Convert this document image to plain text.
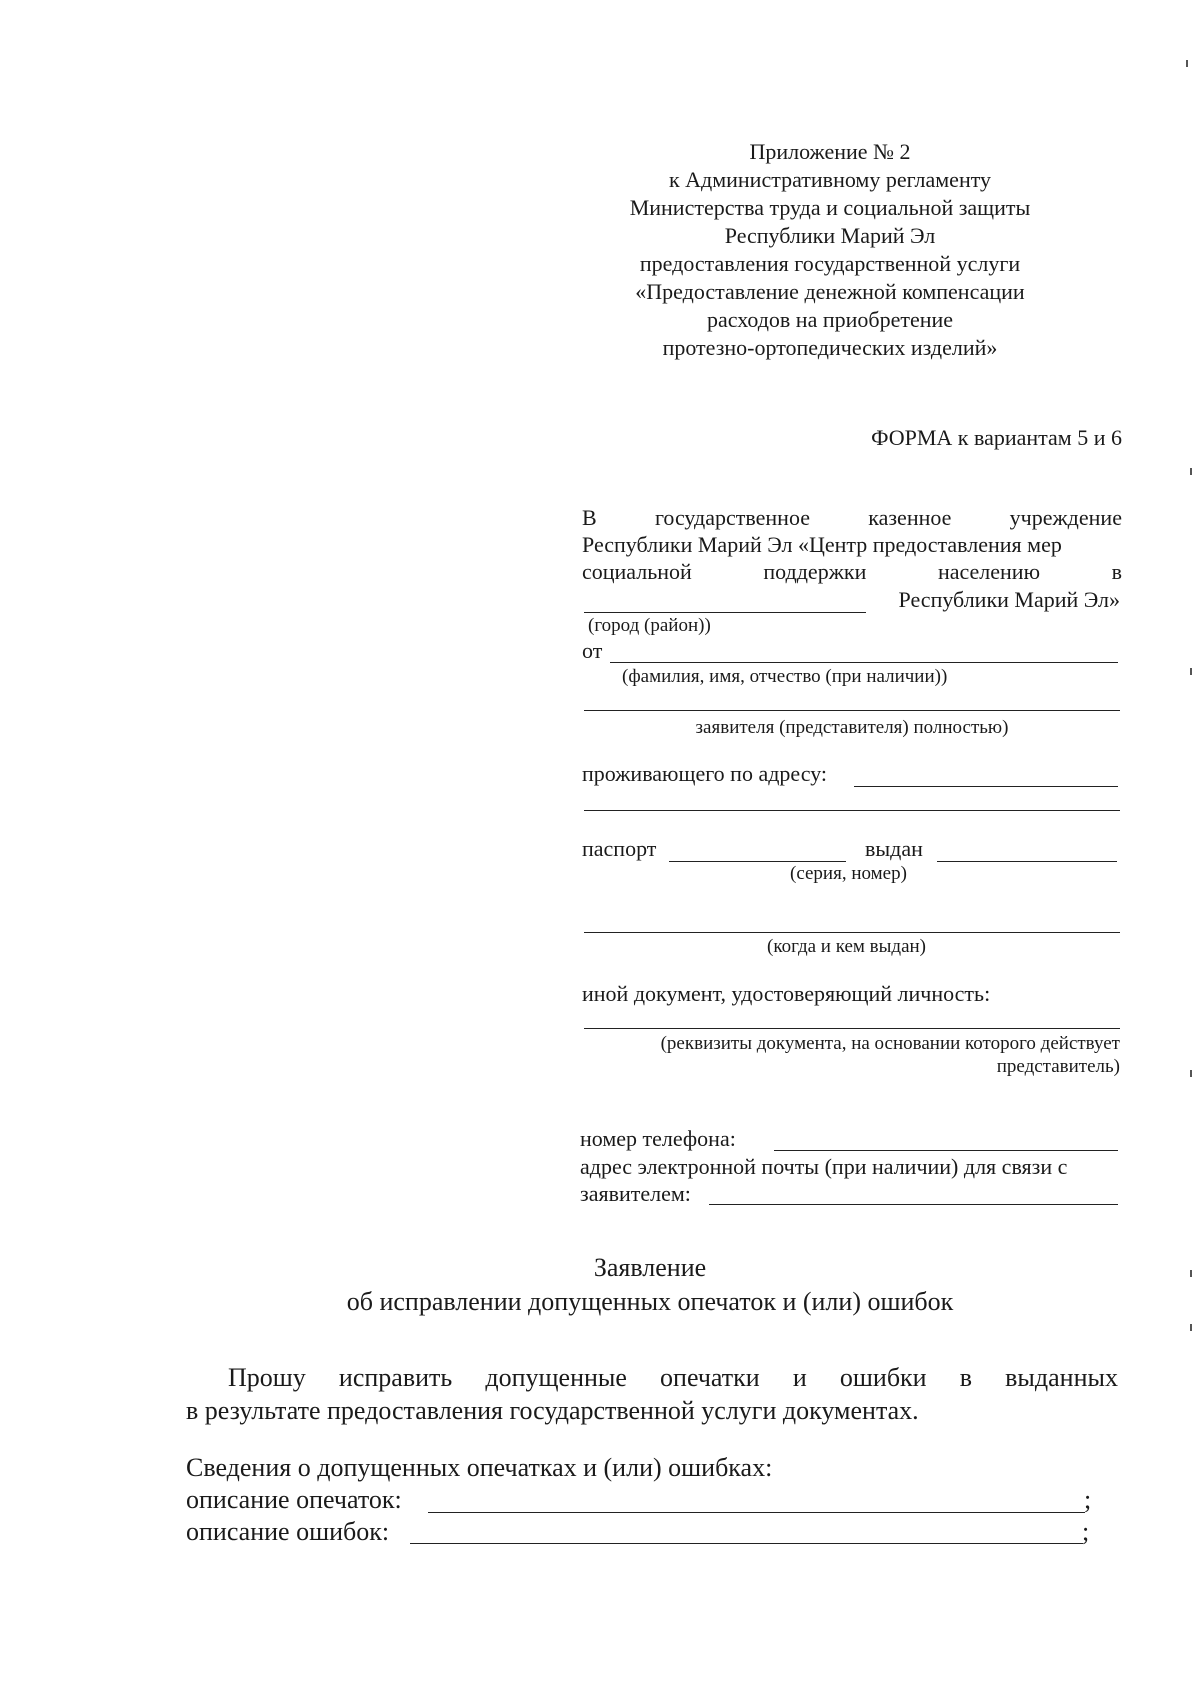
Приложение № 2
к Административному регламенту
Министерства труда и социальной защиты
Республики Марий Эл
предоставления государственной услуги
«Предоставление денежной компенсации
расходов на приобретение
протезно-ортопедических изделий»
ФОРМА к вариантам 5 и 6
В	государственное	казенное	учреждение
Республики Марий Эл «Центр предоставления мер
социальной	поддержки	населению	в
Республики Марий Эл»
(город (район))
от
(фамилия, имя, отчество (при наличии))
заявителя (представителя) полностью)
проживающего по адресу:
паспорт	выдан
(серия, номер)
(когда и кем выдан)
иной документ, удостоверяющий личность:
(реквизиты документа, на основании которого действует
представитель)
номер телефона:
адрес электронной почты (при наличии) для связи с
заявителем:
Заявление
об исправлении допущенных опечаток и (или) ошибок
Прошу исправить допущенные опечатки и ошибки в выданных
в результате предоставления государственной услуги документах.
Сведения о допущенных опечатках и (или) ошибках:
описание опечаток:	;
описание ошибок:	;
